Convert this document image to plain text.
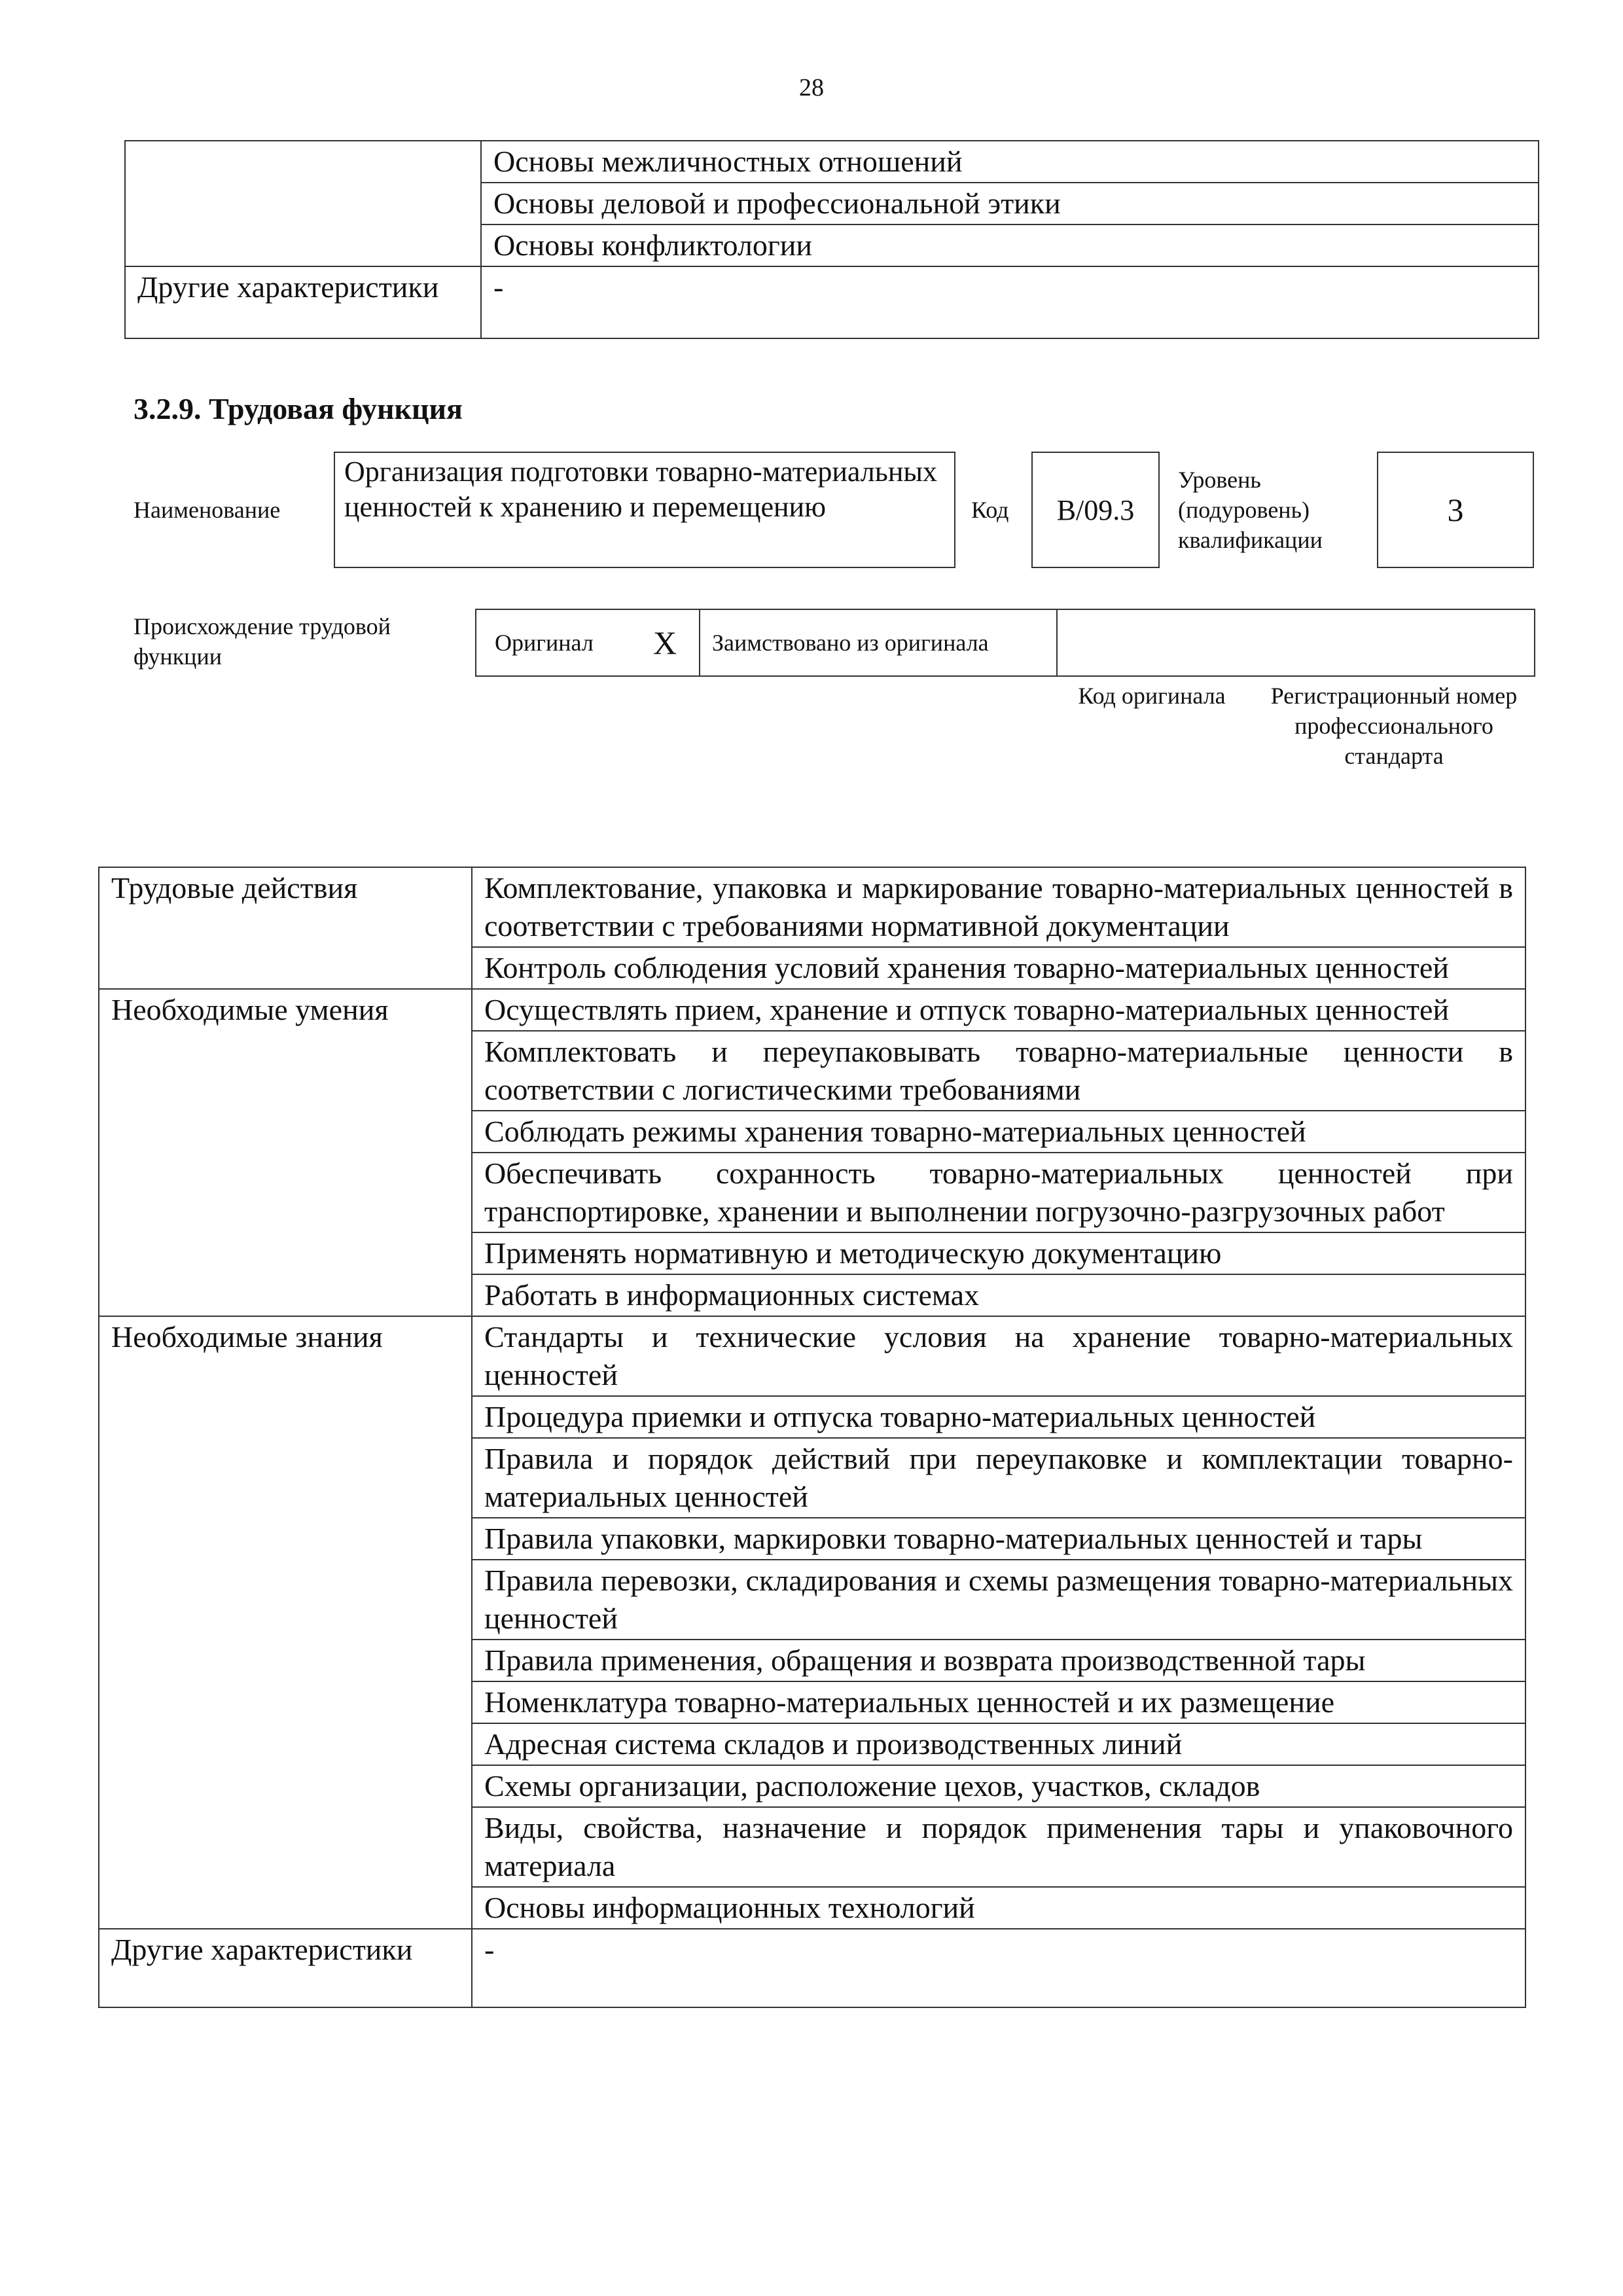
28
	Основы межличностных отношений
	Основы деловой и профессиональной этики
	Основы конфликтологии
Другие характеристики	-
3.2.9. Трудовая функция
Наименование
Организация подготовки товарно-материальных ценностей к хранению и перемещению	Код B/09.3
Уровень (подуровень) квалификации
3
Происхождение трудовой функции
Оригинал X	Заимствовано из оригинала
Код оригинала	Регистрационный номер профессионального стандарта
Трудовые действия	Комплектование, упаковка и маркирование товарно-материальных ценностей в соответствии с требованиями нормативной документации
	Контроль соблюдения условий хранения товарно-материальных ценностей
Необходимые умения	Осуществлять прием, хранение и отпуск товарно-материальных ценностей
	Комплектовать и переупаковывать товарно-материальные ценности в соответствии с логистическими требованиями
	Соблюдать режимы хранения товарно-материальных ценностей
	Обеспечивать сохранность товарно-материальных ценностей при транспортировке, хранении и выполнении погрузочно-разгрузочных работ
	Применять нормативную и методическую документацию
	Работать в информационных системах
Необходимые знания	Стандарты и технические условия на хранение товарно-материальных ценностей
	Процедура приемки и отпуска товарно-материальных ценностей
	Правила и порядок действий при переупаковке и комплектации товарно-материальных ценностей
	Правила упаковки, маркировки товарно-материальных ценностей и тары
	Правила перевозки, складирования и схемы размещения товарно-материальных ценностей
	Правила применения, обращения и возврата производственной тары
	Номенклатура товарно-материальных ценностей и их размещение
	Адресная система складов и производственных линий
	Схемы организации, расположение цехов, участков, складов
	Виды, свойства, назначение и порядок применения тары и упаковочного материала
	Основы информационных технологий
Другие характеристики	-
